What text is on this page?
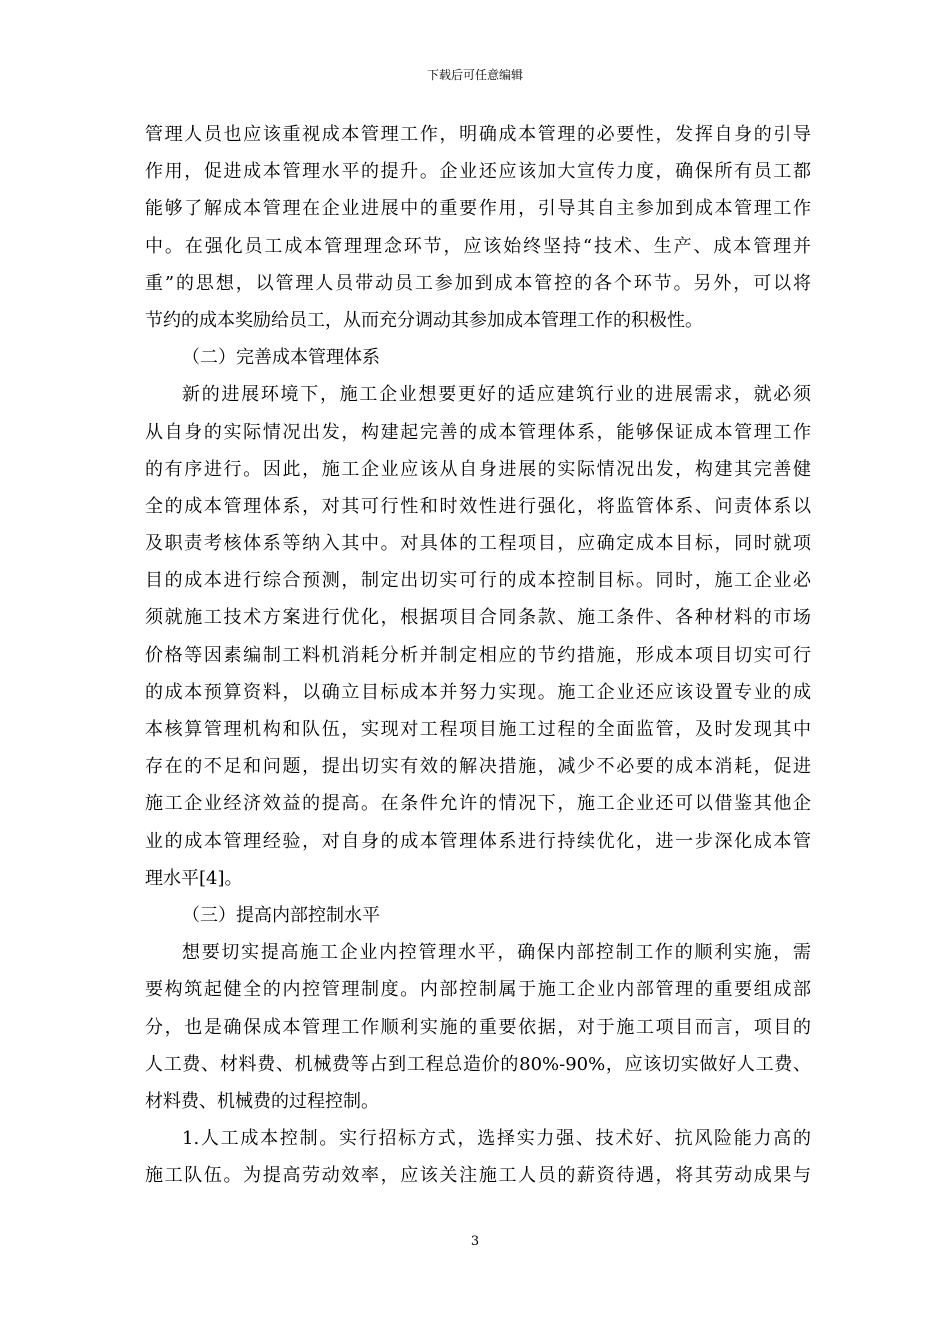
下载后可任意编辑
管理人员也应该重视成本管理工作，明确成本管理的必要性，发挥自身的引导
作用，促进成本管理水平的提升。企业还应该加大宣传力度，确保所有员工都
能够了解成本管理在企业进展中的重要作用，引导其自主参加到成本管理工作
中。在强化员工成本管理理念环节，应该始终坚持“技术、生产、成本管理并
重”的思想，以管理人员带动员工参加到成本管控的各个环节。另外，可以将
节约的成本奖励给员工，从而充分调动其参加成本管理工作的积极性。
（二）完善成本管理体系
新的进展环境下，施工企业想要更好的适应建筑行业的进展需求，就必须
从自身的实际情况出发，构建起完善的成本管理体系，能够保证成本管理工作
的有序进行。因此，施工企业应该从自身进展的实际情况出发，构建其完善健
全的成本管理体系，对其可行性和时效性进行强化，将监管体系、问责体系以
及职责考核体系等纳入其中。对具体的工程项目，应确定成本目标，同时就项
目的成本进行综合预测，制定出切实可行的成本控制目标。同时，施工企业必
须就施工技术方案进行优化，根据项目合同条款、施工条件、各种材料的市场
价格等因素编制工料机消耗分析并制定相应的节约措施，形成本项目切实可行
的成本预算资料，以确立目标成本并努力实现。施工企业还应该设置专业的成
本核算管理机构和队伍，实现对工程项目施工过程的全面监管，及时发现其中
存在的不足和问题，提出切实有效的解决措施，减少不必要的成本消耗，促进
施工企业经济效益的提高。在条件允许的情况下，施工企业还可以借鉴其他企
业的成本管理经验，对自身的成本管理体系进行持续优化，进一步深化成本管
理水平[4]。
（三）提高内部控制水平
想要切实提高施工企业内控管理水平，确保内部控制工作的顺利实施，需
要构筑起健全的内控管理制度。内部控制属于施工企业内部管理的重要组成部
分，也是确保成本管理工作顺利实施的重要依据，对于施工项目而言，项目的
人工费、材料费、机械费等占到工程总造价的80%-90%，应该切实做好人工费、
材料费、机械费的过程控制。
1.人工成本控制。实行招标方式，选择实力强、技术好、抗风险能力高的
施工队伍。为提高劳动效率，应该关注施工人员的薪资待遇，将其劳动成果与
3
